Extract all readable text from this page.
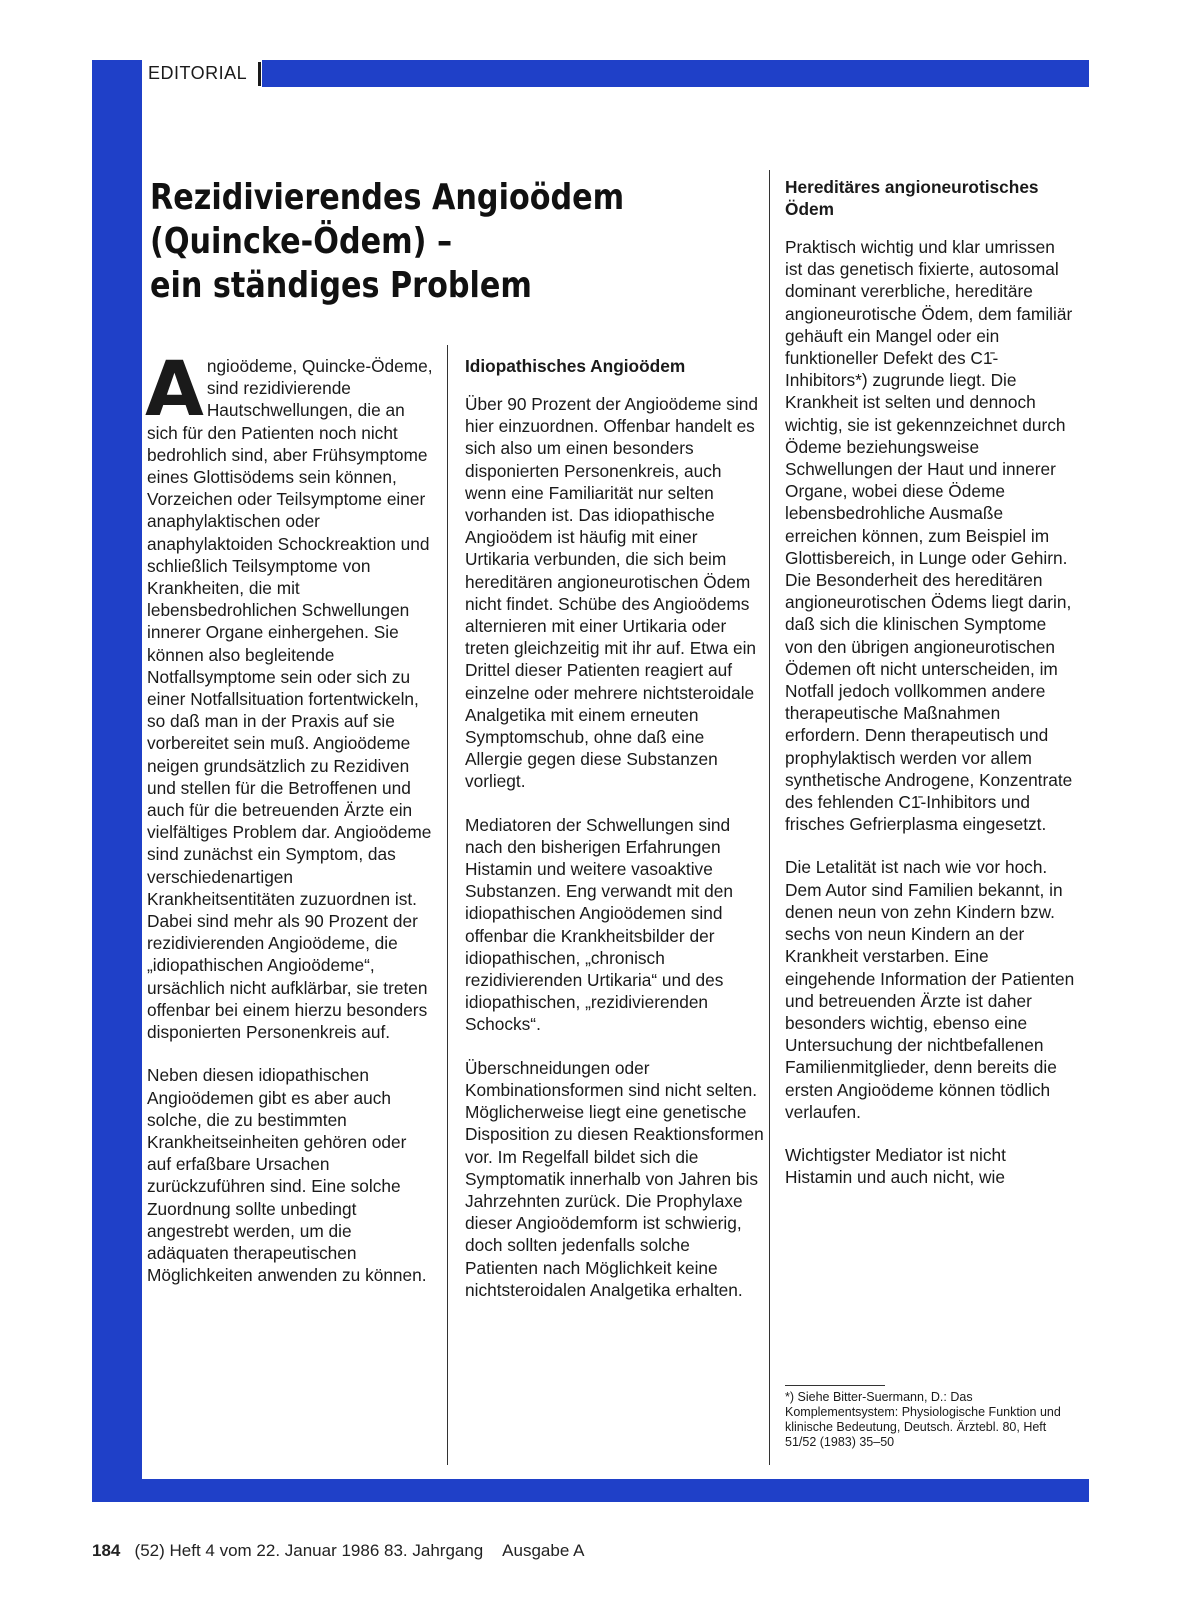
EDITORIAL
Rezidivierendes Angioödem
(Quincke-Ödem) –
ein ständiges Problem

Angioödeme, Quincke-Ödeme, sind rezidivierende Hautschwellungen, die an sich für den Patienten noch nicht bedrohlich sind, aber Frühsymptome eines Glottisödems sein können, Vorzeichen oder Teilsymptome einer anaphylaktischen oder anaphylaktoiden Schockreaktion und schließlich Teilsymptome von Krankheiten, die mit lebensbedrohlichen Schwellungen innerer Organe einhergehen. Sie können also begleitende Notfallsymptome sein oder sich zu einer Notfallsituation fortentwickeln, so daß man in der Praxis auf sie vorbereitet sein muß. Angioödeme neigen grundsätzlich zu Rezidiven und stellen für die Betroffenen und auch für die betreuenden Ärzte ein vielfältiges Problem dar. Angioödeme sind zunächst ein Symptom, das verschiedenartigen Krankheitsentitäten zuzuordnen ist. Dabei sind mehr als 90 Prozent der rezidivierenden Angioödeme, die „idiopathischen Angioödeme“, ursächlich nicht aufklärbar, sie treten offenbar bei einem hierzu besonders disponierten Personenkreis auf.

Neben diesen idiopathischen Angioödemen gibt es aber auch solche, die zu bestimmten Krankheitseinheiten gehören oder auf erfaßbare Ursachen zurückzuführen sind. Eine solche Zuordnung sollte unbedingt angestrebt werden, um die adäquaten therapeutischen Möglichkeiten anwenden zu können.

Idiopathisches Angioödem

Über 90 Prozent der Angioödeme sind hier einzuordnen. Offenbar handelt es sich also um einen besonders disponierten Personenkreis, auch wenn eine Familiarität nur selten vorhanden ist. Das idiopathische Angioödem ist häufig mit einer Urtikaria verbunden, die sich beim hereditären angioneurotischen Ödem nicht findet. Schübe des Angioödems alternieren mit einer Urtikaria oder treten gleichzeitig mit ihr auf. Etwa ein Drittel dieser Patienten reagiert auf einzelne oder mehrere nichtsteroidale Analgetika mit einem erneuten Symptomschub, ohne daß eine Allergie gegen diese Substanzen vorliegt.

Mediatoren der Schwellungen sind nach den bisherigen Erfahrungen Histamin und weitere vasoaktive Substanzen. Eng verwandt mit den idiopathischen Angioödemen sind offenbar die Krankheitsbilder der idiopathischen, „chronisch rezidivierenden Urtikaria“ und des idiopathischen, „rezidivierenden Schocks“.

Überschneidungen oder Kombinationsformen sind nicht selten. Möglicherweise liegt eine genetische Disposition zu diesen Reaktionsformen vor. Im Regelfall bildet sich die Symptomatik innerhalb von Jahren bis Jahrzehnten zurück. Die Prophylaxe dieser Angioödemform ist schwierig, doch sollten jedenfalls solche Patienten nach Möglichkeit keine nichtsteroidalen Analgetika erhalten.

Hereditäres angioneurotisches Ödem

Praktisch wichtig und klar umrissen ist das genetisch fixierte, autosomal dominant vererbliche, hereditäre angioneurotische Ödem, dem familiär gehäuft ein Mangel oder ein funktioneller Defekt des C1̄-Inhibitors*) zugrunde liegt. Die Krankheit ist selten und dennoch wichtig, sie ist gekennzeichnet durch Ödeme beziehungsweise Schwellungen der Haut und innerer Organe, wobei diese Ödeme lebensbedrohliche Ausmaße erreichen können, zum Beispiel im Glottisbereich, in Lunge oder Gehirn. Die Besonderheit des hereditären angioneurotischen Ödems liegt darin, daß sich die klinischen Symptome von den übrigen angioneurotischen Ödemen oft nicht unterscheiden, im Notfall jedoch vollkommen andere therapeutische Maßnahmen erfordern. Denn therapeutisch und prophylaktisch werden vor allem synthetische Androgene, Konzentrate des fehlenden C1̄-Inhibitors und frisches Gefrierplasma eingesetzt.

Die Letalität ist nach wie vor hoch. Dem Autor sind Familien bekannt, in denen neun von zehn Kindern bzw. sechs von neun Kindern an der Krankheit verstarben. Eine eingehende Information der Patienten und betreuenden Ärzte ist daher besonders wichtig, ebenso eine Untersuchung der nichtbefallenen Familienmitglieder, denn bereits die ersten Angioödeme können tödlich verlaufen.

Wichtigster Mediator ist nicht Histamin und auch nicht, wie

*) Siehe Bitter-Suermann, D.: Das Komplementsystem: Physiologische Funktion und klinische Bedeutung, Deutsch. Ärztebl. 80, Heft 51/52 (1983) 35–50
184 (52) Heft 4 vom 22. Januar 1986 83. Jahrgang Ausgabe A
